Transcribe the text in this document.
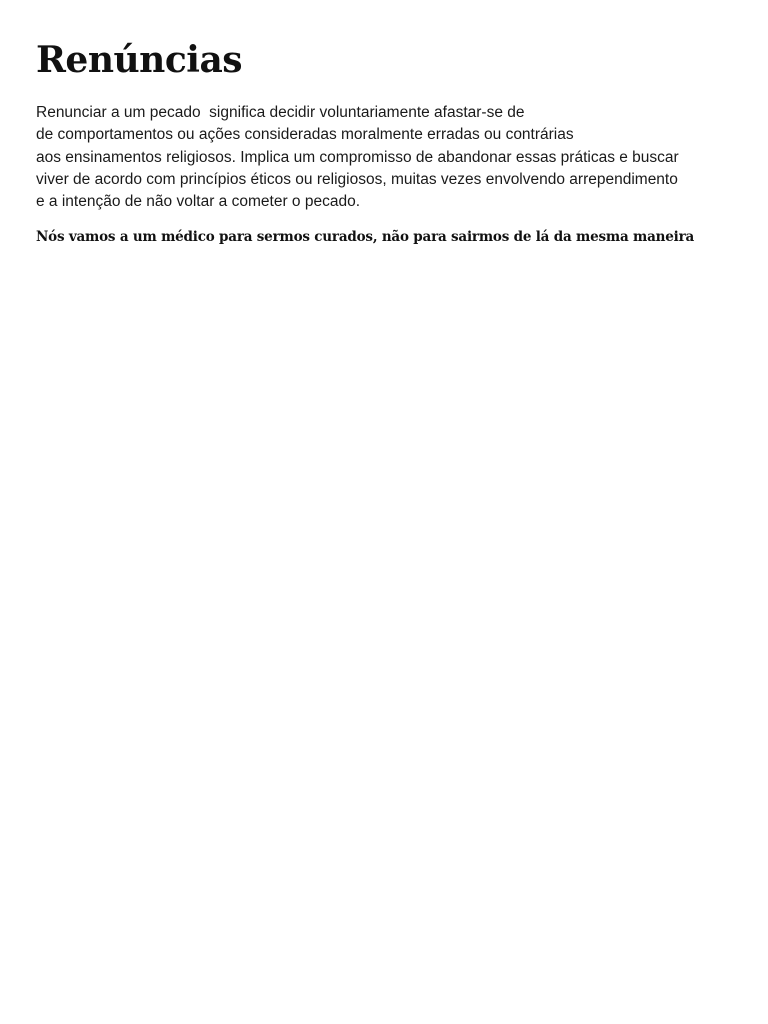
Renúncias

Renunciar a um pecado  significa decidir voluntariamente afastar-se de
de comportamentos ou ações consideradas moralmente erradas ou contrárias
aos ensinamentos religiosos. Implica um compromisso de abandonar essas práticas e buscar
viver de acordo com princípios éticos ou religiosos, muitas vezes envolvendo arrependimento
e a intenção de não voltar a cometer o pecado.

Nós vamos a um médico para sermos curados, não para sairmos de lá da mesma maneira
